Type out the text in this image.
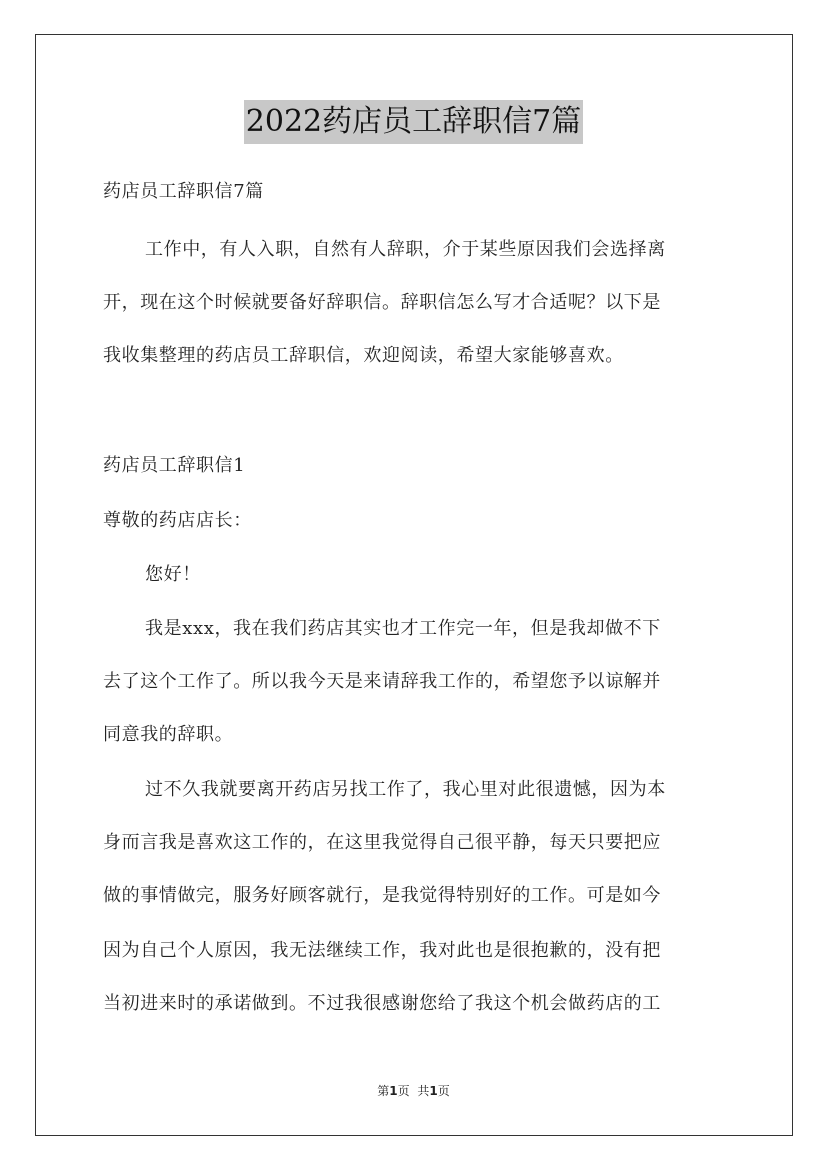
2022药店员工辞职信7篇
药店员工辞职信7篇
工作中，有人入职，自然有人辞职，介于某些原因我们会选择离
开，现在这个时候就要备好辞职信。辞职信怎么写才合适呢？以下是
我收集整理的药店员工辞职信，欢迎阅读，希望大家能够喜欢。
药店员工辞职信1
尊敬的药店店长：
您好！
我是xxx，我在我们药店其实也才工作完一年，但是我却做不下
去了这个工作了。所以我今天是来请辞我工作的，希望您予以谅解并
同意我的辞职。
过不久我就要离开药店另找工作了，我心里对此很遗憾，因为本
身而言我是喜欢这工作的，在这里我觉得自己很平静，每天只要把应
做的事情做完，服务好顾客就行，是我觉得特别好的工作。可是如今
因为自己个人原因，我无法继续工作，我对此也是很抱歉的，没有把
当初进来时的承诺做到。不过我很感谢您给了我这个机会做药店的工
第1页 共1页
